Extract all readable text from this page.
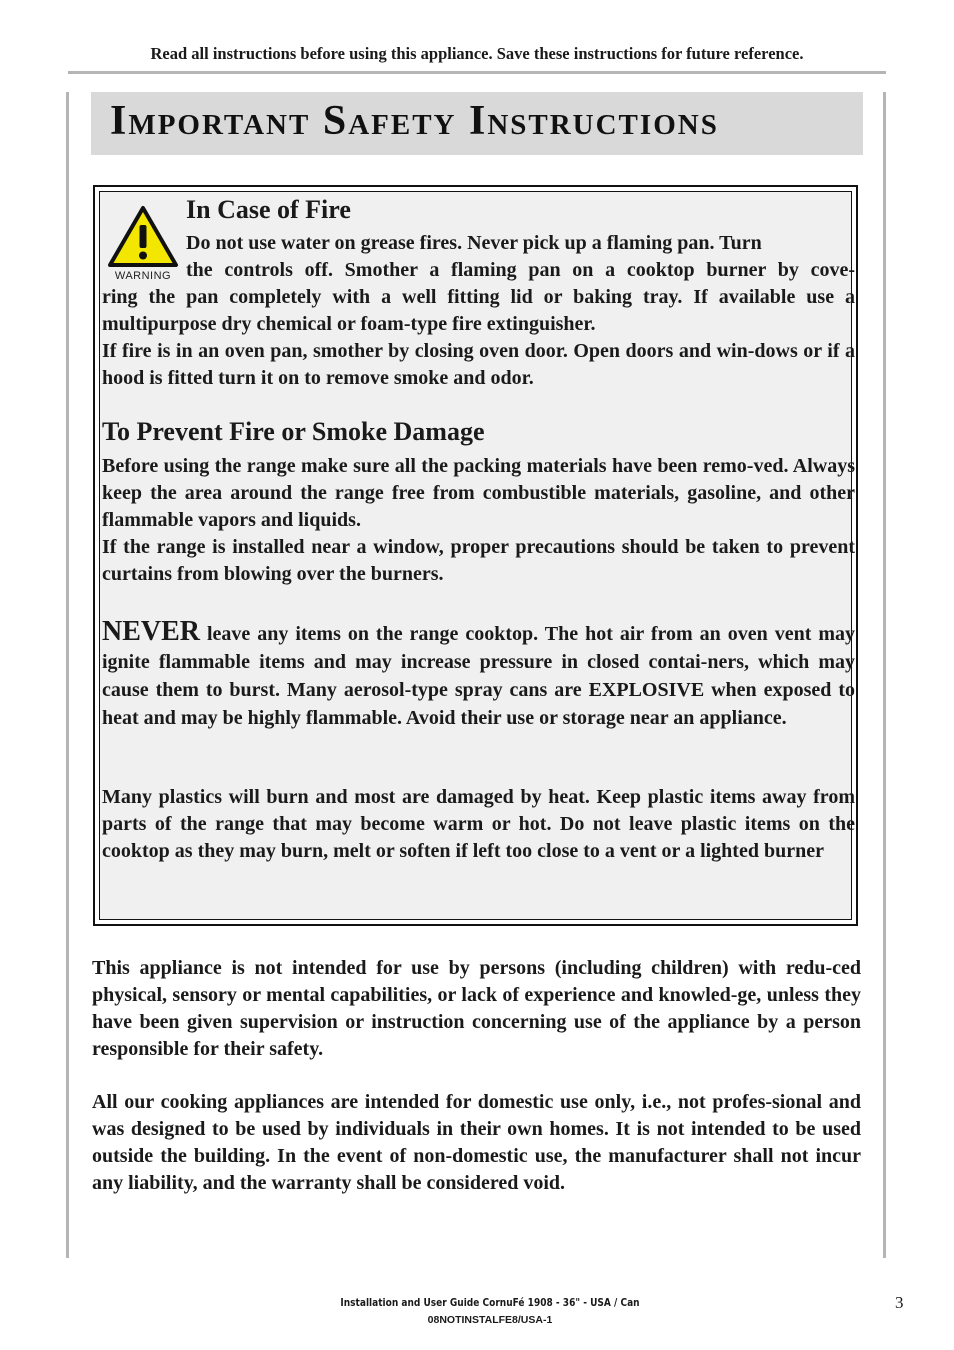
Read all instructions before using this appliance. Save these instructions for future reference.
Important Safety Instructions
WARNING
In Case of Fire

Do not use water on grease fires. Never pick up a flaming pan. Turn

the controls off. Smother a flaming pan on a cooktop burner by cove-

ring the pan completely with a well fitting lid or baking tray. If available use a multipurpose dry chemical or foam-type fire extinguisher.

If fire is in an oven pan, smother by closing oven door. Open doors and win-dows or if a hood is fitted turn it on to remove smoke and odor.

To Prevent Fire or Smoke Damage

Before using the range make sure all the packing materials have been remo-ved. Always keep the area around the range free from combustible materials, gasoline, and other flammable vapors and liquids.

If the range is installed near a window, proper precautions should be taken to prevent curtains from blowing over the burners.

NEVER leave any items on the range cooktop. The hot air from an oven vent may ignite flammable items and may increase pressure in closed contai-ners, which may cause them to burst. Many aerosol-type spray cans are EXPLOSIVE when exposed to heat and may be highly flammable. Avoid their use or storage near an appliance.

Many plastics will burn and most are damaged by heat. Keep plastic items away from parts of the range that may become warm or hot. Do not leave plastic items on the cooktop as they may burn, melt or soften if left too close to a vent or a lighted burner

This appliance is not intended for use by persons (including children) with redu-ced physical, sensory or mental capabilities, or lack of experience and knowled-ge, unless they have been given supervision or instruction concerning use of the appliance by a person responsible for their safety.

All our cooking appliances are intended for domestic use only, i.e., not profes-sional and was designed to be used by individuals in their own homes. It is not intended to be used outside the building. In the event of non-domestic use, the manufacturer shall not incur any liability, and the warranty shall be considered void.

Installation and User Guide CornuFé 1908 - 36" - USA / Can
08NOTINSTALFE8/USA-1
3
